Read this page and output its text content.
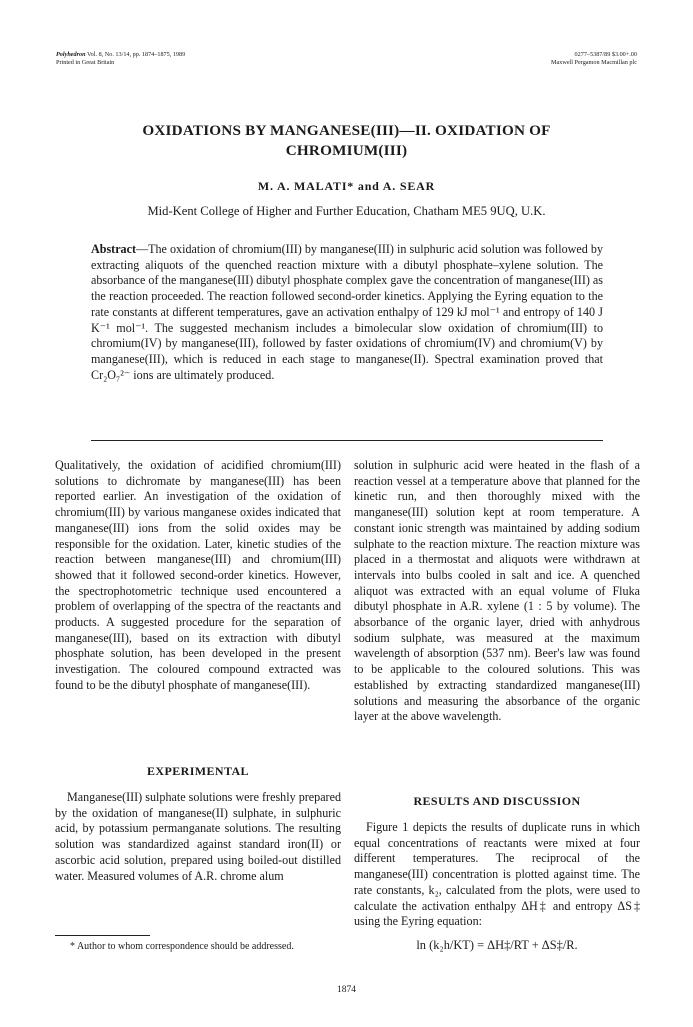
Polyhedron Vol. 8, No. 13/14, pp. 1874–1875, 1989
Printed in Great Britain
0277–5387/89 $3.00+.00
Maxwell Pergamon Macmillan plc
OXIDATIONS BY MANGANESE(III)—II. OXIDATION OF
CHROMIUM(III)
M. A. MALATI* and A. SEAR
Mid-Kent College of Higher and Further Education, Chatham ME5 9UQ, U.K.
Abstract—The oxidation of chromium(III) by manganese(III) in sulphuric acid solution was followed by extracting aliquots of the quenched reaction mixture with a dibutyl phosphate–xylene solution. The absorbance of the manganese(III) dibutyl phosphate complex gave the concentration of manganese(III) as the reaction proceeded. The reaction followed second-order kinetics. Applying the Eyring equation to the rate constants at different temperatures, gave an activation enthalpy of 129 kJ mol⁻¹ and entropy of 140 J K⁻¹ mol⁻¹. The suggested mechanism includes a bimolecular slow oxidation of chromium(III) to chromium(IV) by manganese(III), followed by faster oxidations of chromium(IV) and chromium(V) by manganese(III), which is reduced in each stage to manganese(II). Spectral examination proved that Cr₂O₇²⁻ ions are ultimately produced.

Qualitatively, the oxidation of acidified chromium(III) solutions to dichromate by manganese(III) has been reported earlier. An investigation of the oxidation of chromium(III) by various manganese oxides indicated that manganese(III) ions from the solid oxides may be responsible for the oxidation. Later, kinetic studies of the reaction between manganese(III) and chromium(III) showed that it followed second-order kinetics. However, the spectrophotometric technique used encountered a problem of overlapping of the spectra of the reactants and products. A suggested procedure for the separation of manganese(III), based on its extraction with dibutyl phosphate solution, has been developed in the present investigation. The coloured compound extracted was found to be the dibutyl phosphate of manganese(III).

EXPERIMENTAL

Manganese(III) sulphate solutions were freshly prepared by the oxidation of manganese(II) sulphate, in sulphuric acid, by potassium permanganate solutions. The resulting solution was standardized against standard iron(II) or ascorbic acid solution, prepared using boiled-out distilled water. Measured volumes of A.R. chrome alum

solution in sulphuric acid were heated in the flash of a reaction vessel at a temperature above that planned for the kinetic run, and then thoroughly mixed with the manganese(III) solution kept at room temperature. A constant ionic strength was maintained by adding sodium sulphate to the reaction mixture. The reaction mixture was placed in a thermostat and aliquots were withdrawn at intervals into bulbs cooled in salt and ice. A quenched aliquot was extracted with an equal volume of Fluka dibutyl phosphate in A.R. xylene (1 : 5 by volume). The absorbance of the organic layer, dried with anhydrous sodium sulphate, was measured at the maximum wavelength of absorption (537 nm). Beer's law was found to be applicable to the coloured solutions. This was established by extracting standardized manganese(III) solutions and measuring the absorbance of the organic layer at the above wavelength.

RESULTS AND DISCUSSION

Figure 1 depicts the results of duplicate runs in which equal concentrations of reactants were mixed at four different temperatures. The reciprocal of the manganese(III) concentration is plotted against time. The rate constants, k₂, calculated from the plots, were used to calculate the activation enthalpy ΔH‡ and entropy ΔS‡ using the Eyring equation:

ln (k₂h/KT) = ΔH‡/RT + ΔS‡/R.
* Author to whom correspondence should be addressed.
1874
